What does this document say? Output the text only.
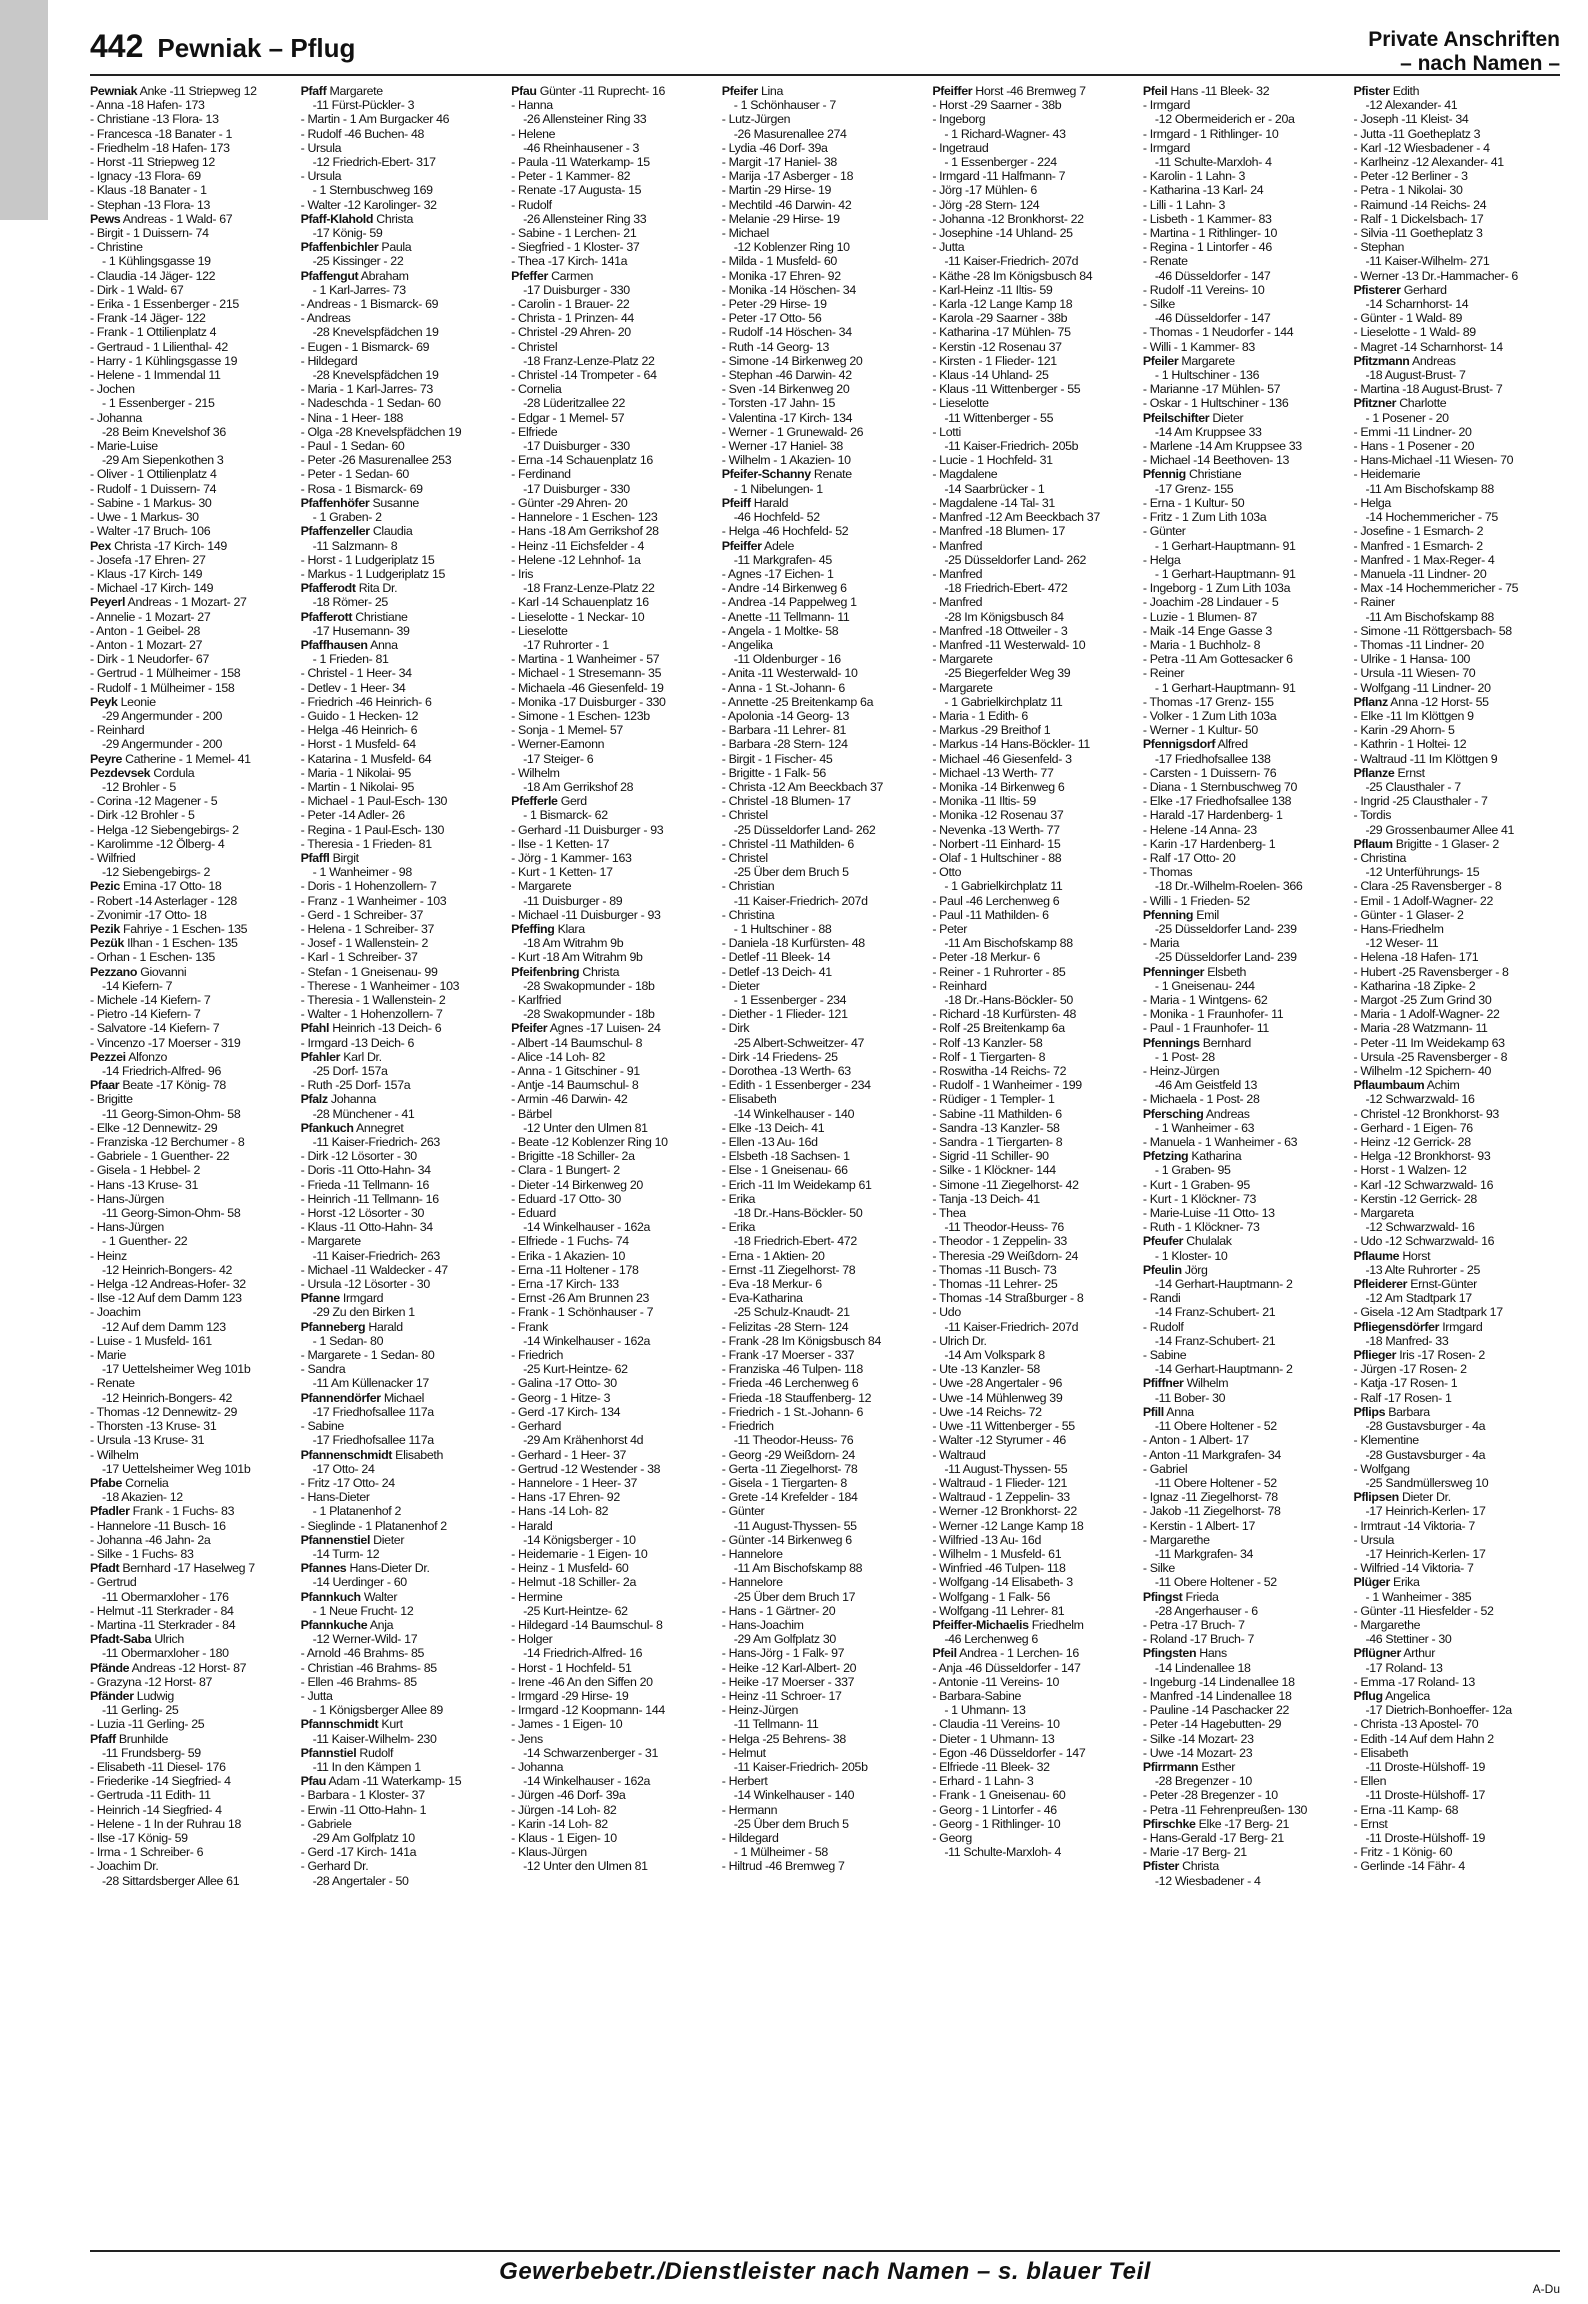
442 Pewniak – Pflug	Private Anschriften
– nach Namen –
Pewniak Anke -11 Striepweg 12
- Anna -18 Hafen- 173
- Christiane -13 Flora- 13
- Francesca -18 Banater - 1
- Friedhelm -18 Hafen- 173
- Horst -11 Striepweg 12
- Ignacy -13 Flora- 69
- Klaus -18 Banater - 1
- Stephan -13 Flora- 13
Pews Andreas - 1 Wald- 67
- Birgit - 1 Duissern- 74
- Christine
- 1 Kühlingsgasse 19
- Claudia -14 Jäger- 122
- Dirk - 1 Wald- 67
- Erika - 1 Essenberger - 215
- Frank -14 Jäger- 122
- Frank - 1 Ottilienplatz 4
- Gertraud - 1 Lilienthal- 42
- Harry - 1 Kühlingsgasse 19
- Helene - 1 Immendal 11
- Jochen
- 1 Essenberger - 215
- Johanna
-28 Beim Knevelshof 36
- Marie-Luise
-29 Am Siepenkothen 3
- Oliver - 1 Ottilienplatz 4
- Rudolf - 1 Duissern- 74
- Sabine - 1 Markus- 30
- Uwe - 1 Markus- 30
- Walter -17 Bruch- 106
Pex Christa -17 Kirch- 149
- Josefa -17 Ehren- 27
- Klaus -17 Kirch- 149
- Michael -17 Kirch- 149
Peyerl Andreas - 1 Mozart- 27
- Annelie - 1 Mozart- 27
- Anton - 1 Geibel- 28
- Anton - 1 Mozart- 27
- Dirk - 1 Neudorfer- 67
- Gertrud - 1 Mülheimer - 158
- Rudolf - 1 Mülheimer - 158
Peyk Leonie
-29 Angermunder - 200
- Reinhard
-29 Angermunder - 200
Peyre Catherine - 1 Memel- 41
Pezdevsek Cordula
-12 Brohler - 5
- Corina -12 Magener - 5
- Dirk -12 Brohler - 5
- Helga -12 Siebengebirgs- 2
- Karolimme -12 Ölberg- 4
- Wilfried
-12 Siebengebirgs- 2
Pezic Emina -17 Otto- 18
- Robert -14 Asterlager - 128
- Zvonimir -17 Otto- 18
Pezik Fahriye - 1 Eschen- 135
Pezük Ilhan - 1 Eschen- 135
- Orhan - 1 Eschen- 135
Pezzano Giovanni
-14 Kiefern- 7
- Michele -14 Kiefern- 7
- Pietro -14 Kiefern- 7
- Salvatore -14 Kiefern- 7
- Vincenzo -17 Moerser - 319
Pezzei Alfonzo
-14 Friedrich-Alfred- 96
Pfaar Beate -17 König- 78
- Brigitte
-11 Georg-Simon-Ohm- 58
- Elke -12 Dennewitz- 29
- Franziska -12 Berchumer - 8
- Gabriele - 1 Guenther- 22
- Gisela - 1 Hebbel- 2
- Hans -13 Kruse- 31
- Hans-Jürgen
-11 Georg-Simon-Ohm- 58
- Hans-Jürgen
- 1 Guenther- 22
- Heinz
-12 Heinrich-Bongers- 42
- Helga -12 Andreas-Hofer- 32
- Ilse -12 Auf dem Damm 123
- Joachim
-12 Auf dem Damm 123
- Luise - 1 Musfeld- 161
- Marie
-17 Uettelsheimer Weg 101b
- Renate
-12 Heinrich-Bongers- 42
- Thomas -12 Dennewitz- 29
- Thorsten -13 Kruse- 31
- Ursula -13 Kruse- 31
- Wilhelm
-17 Uettelsheimer Weg 101b
Pfabe Cornelia
-18 Akazien- 12
Pfadler Frank - 1 Fuchs- 83
- Hannelore -11 Busch- 16
- Johanna -46 Jahn- 2a
- Silke - 1 Fuchs- 83
Pfadt Bernhard -17 Haselweg 7
- Gertrud
-11 Obermarxloher - 176
- Helmut -11 Sterkrader - 84
- Martina -11 Sterkrader - 84
Pfadt-Saba Ulrich
-11 Obermarxloher - 180
Pfände Andreas -12 Horst- 87
- Grazyna -12 Horst- 87
Pfänder Ludwig
-11 Gerling- 25
- Luzia -11 Gerling- 25
Pfaff Brunhilde
-11 Frundsberg- 59
- Elisabeth -11 Diesel- 176
- Friederike -14 Siegfried- 4
- Gertruda -11 Edith- 11
- Heinrich -14 Siegfried- 4
- Helene - 1 In der Ruhrau 18
- Ilse -17 König- 59
- Irma - 1 Schreiber- 6
- Joachim Dr.
-28 Sittardsberger Allee 61
Pfaff Margarete
-11 Fürst-Pückler- 3
- Martin - 1 Am Burgacker 46
- Rudolf -46 Buchen- 48
- Ursula
-12 Friedrich-Ebert- 317
- Ursula
- 1 Sternbuschweg 169
- Walter -12 Karolinger- 32
Pfaff-Klahold Christa
-17 König- 59
Pfaffenbichler Paula
-25 Kissinger - 22
Pfaffengut Abraham
- 1 Karl-Jarres- 73
- Andreas - 1 Bismarck- 69
- Andreas
-28 Knevelspfädchen 19
- Eugen - 1 Bismarck- 69
- Hildegard
-28 Knevelspfädchen 19
- Maria - 1 Karl-Jarres- 73
- Nadeschda - 1 Sedan- 60
- Nina - 1 Heer- 188
- Olga -28 Knevelspfädchen 19
- Paul - 1 Sedan- 60
- Peter -26 Masurenallee 253
- Peter - 1 Sedan- 60
- Rosa - 1 Bismarck- 69
Pfaffenhöfer Susanne
- 1 Graben- 2
Pfaffenzeller Claudia
-11 Salzmann- 8
- Horst - 1 Ludgeriplatz 15
- Markus - 1 Ludgeriplatz 15
Pfafferodt Rita Dr.
-18 Römer- 25
Pfafferott Christiane
-17 Husemann- 39
Pfaffhausen Anna
- 1 Frieden- 81
- Christel - 1 Heer- 34
- Detlev - 1 Heer- 34
- Friedrich -46 Heinrich- 6
- Guido - 1 Hecken- 12
- Helga -46 Heinrich- 6
- Horst - 1 Musfeld- 64
- Katarina - 1 Musfeld- 64
- Maria - 1 Nikolai- 95
- Martin - 1 Nikolai- 95
- Michael - 1 Paul-Esch- 130
- Peter -14 Adler- 26
- Regina - 1 Paul-Esch- 130
- Theresia - 1 Frieden- 81
Pfaffl Birgit
- 1 Wanheimer - 98
- Doris - 1 Hohenzollern- 7
- Franz - 1 Wanheimer - 103
- Gerd - 1 Schreiber- 37
- Helena - 1 Schreiber- 37
- Josef - 1 Wallenstein- 2
- Karl - 1 Schreiber- 37
- Stefan - 1 Gneisenau- 99
- Therese - 1 Wanheimer - 103
- Theresia - 1 Wallenstein- 2
- Walter - 1 Hohenzollern- 7
Pfahl Heinrich -13 Deich- 6
- Irmgard -13 Deich- 6
Pfahler Karl Dr.
-25 Dorf- 157a
- Ruth -25 Dorf- 157a
Pfalz Johanna
-28 Münchener - 41
Pfankuch Annegret
-11 Kaiser-Friedrich- 263
- Dirk -12 Lösorter - 30
- Doris -11 Otto-Hahn- 34
- Frieda -11 Tellmann- 16
- Heinrich -11 Tellmann- 16
- Horst -12 Lösorter - 30
- Klaus -11 Otto-Hahn- 34
- Margarete
-11 Kaiser-Friedrich- 263
- Michael -11 Waldecker - 47
- Ursula -12 Lösorter - 30
Pfanne Irmgard
-29 Zu den Birken 1
Pfanneberg Harald
- 1 Sedan- 80
- Margarete - 1 Sedan- 80
- Sandra
-11 Am Küllenacker 17
Pfannendörfer Michael
-17 Friedhofsallee 117a
- Sabine
-17 Friedhofsallee 117a
Pfannenschmidt Elisabeth
-17 Otto- 24
- Fritz -17 Otto- 24
- Hans-Dieter
- 1 Platanenhof 2
- Sieglinde - 1 Platanenhof 2
Pfannenstiel Dieter
-14 Turm- 12
Pfannes Hans-Dieter Dr.
-14 Uerdinger - 60
Pfannkuch Walter
- 1 Neue Frucht- 12
Pfannkuche Anja
-12 Werner-Wild- 17
- Arnold -46 Brahms- 85
- Christian -46 Brahms- 85
- Ellen -46 Brahms- 85
- Jutta
- 1 Königsberger Allee 89
Pfannschmidt Kurt
-11 Kaiser-Wilhelm- 230
Pfannstiel Rudolf
-11 In den Kämpen 1
Pfau Adam -11 Waterkamp- 15
- Barbara - 1 Kloster- 37
- Erwin -11 Otto-Hahn- 1
- Gabriele
-29 Am Golfplatz 10
- Gerd -17 Kirch- 141a
- Gerhard Dr.
-28 Angertaler - 50
Pfau Günter -11 Ruprecht- 16
- Hanna
-26 Allensteiner Ring 33
- Helene
-46 Rheinhausener - 3
- Paula -11 Waterkamp- 15
- Peter - 1 Kammer- 82
- Renate -17 Augusta- 15
- Rudolf
-26 Allensteiner Ring 33
- Sabine - 1 Lerchen- 21
- Siegfried - 1 Kloster- 37
- Thea -17 Kirch- 141a
Pfeffer Carmen
-17 Duisburger - 330
- Carolin - 1 Brauer- 22
- Christa - 1 Prinzen- 44
- Christel -29 Ahren- 20
- Christel
-18 Franz-Lenze-Platz 22
- Christel -14 Trompeter - 64
- Cornelia
-28 Lüderitzallee 22
- Edgar - 1 Memel- 57
- Elfriede
-17 Duisburger - 330
- Erna -14 Schauenplatz 16
- Ferdinand
-17 Duisburger - 330
- Günter -29 Ahren- 20
- Hannelore - 1 Eschen- 123
- Hans -18 Am Gerrikshof 28
- Heinz -11 Eichsfelder - 4
- Helene -12 Lehnhof- 1a
- Iris
-18 Franz-Lenze-Platz 22
- Karl -14 Schauenplatz 16
- Lieselotte - 1 Neckar- 10
- Lieselotte
-17 Ruhrorter - 1
- Martina - 1 Wanheimer - 57
- Michael - 1 Stresemann- 35
- Michaela -46 Giesenfeld- 19
- Monika -17 Duisburger - 330
- Simone - 1 Eschen- 123b
- Sonja - 1 Memel- 57
- Werner-Eamonn
-17 Steiger- 6
- Wilhelm
-18 Am Gerrikshof 28
Pfefferle Gerd
- 1 Bismarck- 62
- Gerhard -11 Duisburger - 93
- Ilse - 1 Ketten- 17
- Jörg - 1 Kammer- 163
- Kurt - 1 Ketten- 17
- Margarete
-11 Duisburger - 89
- Michael -11 Duisburger - 93
Pfeffing Klara
-18 Am Witrahm 9b
- Kurt -18 Am Witrahm 9b
Pfeifenbring Christa
-28 Swakopmunder - 18b
- Karlfried
-28 Swakopmunder - 18b
Pfeifer Agnes -17 Luisen- 24
- Albert -14 Baumschul- 8
- Alice -14 Loh- 82
- Anna - 1 Gitschiner - 91
- Antje -14 Baumschul- 8
- Armin -46 Darwin- 42
- Bärbel
-12 Unter den Ulmen 81
- Beate -12 Koblenzer Ring 10
- Brigitte -18 Schiller- 2a
- Clara - 1 Bungert- 2
- Dieter -14 Birkenweg 20
- Eduard -17 Otto- 30
- Eduard
-14 Winkelhauser - 162a
- Elfriede - 1 Fuchs- 74
- Erika - 1 Akazien- 10
- Erna -11 Holtener - 178
- Erna -17 Kirch- 133
- Ernst -26 Am Brunnen 23
- Frank - 1 Schönhauser - 7
- Frank
-14 Winkelhauser - 162a
- Friedrich
-25 Kurt-Heintze- 62
- Galina -17 Otto- 30
- Georg - 1 Hitze- 3
- Gerd -17 Kirch- 134
- Gerhard
-29 Am Krähenhorst 4d
- Gerhard - 1 Heer- 37
- Gertrud -12 Westender - 38
- Hannelore - 1 Heer- 37
- Hans -17 Ehren- 92
- Hans -14 Loh- 82
- Harald
-14 Königsberger - 10
- Heidemarie - 1 Eigen- 10
- Heinz - 1 Musfeld- 60
- Helmut -18 Schiller- 2a
- Hermine
-25 Kurt-Heintze- 62
- Hildegard -14 Baumschul- 8
- Holger
-14 Friedrich-Alfred- 16
- Horst - 1 Hochfeld- 51
- Irene -46 An den Siffen 20
- Irmgard -29 Hirse- 19
- Irmgard -12 Koopmann- 144
- James - 1 Eigen- 10
- Jens
-14 Schwarzenberger - 31
- Johanna
-14 Winkelhauser - 162a
- Jürgen -46 Dorf- 39a
- Jürgen -14 Loh- 82
- Karin -14 Loh- 82
- Klaus - 1 Eigen- 10
- Klaus-Jürgen
-12 Unter den Ulmen 81
Pfeifer Lina
- 1 Schönhauser - 7
- Lutz-Jürgen
-26 Masurenallee 274
- Lydia -46 Dorf- 39a
- Margit -17 Haniel- 38
- Marija -17 Asberger - 18
- Martin -29 Hirse- 19
- Mechtild -46 Darwin- 42
- Melanie -29 Hirse- 19
- Michael
-12 Koblenzer Ring 10
- Milda - 1 Musfeld- 60
- Monika -17 Ehren- 92
- Monika -14 Höschen- 34
- Peter -29 Hirse- 19
- Peter -17 Otto- 56
- Rudolf -14 Höschen- 34
- Ruth -14 Georg- 13
- Simone -14 Birkenweg 20
- Stephan -46 Darwin- 42
- Sven -14 Birkenweg 20
- Torsten -17 Jahn- 15
- Valentina -17 Kirch- 134
- Werner - 1 Grunewald- 26
- Werner -17 Haniel- 38
- Wilhelm - 1 Akazien- 10
Pfeifer-Schanny Renate
- 1 Nibelungen- 1
Pfeiff Harald
-46 Hochfeld- 52
- Helga -46 Hochfeld- 52
Pfeiffer Adele
-11 Markgrafen- 45
- Agnes -17 Eichen- 1
- Andre -14 Birkenweg 6
- Andrea -14 Pappelweg 1
- Anette -11 Tellmann- 11
- Angela - 1 Moltke- 58
- Angelika
-11 Oldenburger - 16
- Anita -11 Westerwald- 10
- Anna - 1 St.-Johann- 6
- Annette -25 Breitenkamp 6a
- Apolonia -14 Georg- 13
- Barbara -11 Lehrer- 81
- Barbara -28 Stern- 124
- Birgit - 1 Fischer- 45
- Brigitte - 1 Falk- 56
- Christa -12 Am Beeckbach 37
- Christel -18 Blumen- 17
- Christel
-25 Düsseldorfer Land- 262
- Christel -11 Mathilden- 6
- Christel
-25 Über dem Bruch 5
- Christian
-11 Kaiser-Friedrich- 207d
- Christina
- 1 Hultschiner - 88
- Daniela -18 Kurfürsten- 48
- Detlef -11 Bleek- 14
- Detlef -13 Deich- 41
- Dieter
- 1 Essenberger - 234
- Diether - 1 Flieder- 121
- Dirk
-25 Albert-Schweitzer- 47
- Dirk -14 Friedens- 25
- Dorothea -13 Werth- 63
- Edith - 1 Essenberger - 234
- Elisabeth
-14 Winkelhauser - 140
- Elke -13 Deich- 41
- Ellen -13 Au- 16d
- Elsbeth -18 Sachsen- 1
- Else - 1 Gneisenau- 66
- Erich -11 Im Weidekamp 61
- Erika
-18 Dr.-Hans-Böckler- 50
- Erika
-18 Friedrich-Ebert- 472
- Erna - 1 Aktien- 20
- Ernst -11 Ziegelhorst- 78
- Eva -18 Merkur- 6
- Eva-Katharina
-25 Schulz-Knaudt- 21
- Felizitas -28 Stern- 124
- Frank -28 Im Königsbusch 84
- Frank -17 Moerser - 337
- Franziska -46 Tulpen- 118
- Frieda -46 Lerchenweg 6
- Frieda -18 Stauffenberg- 12
- Friedrich - 1 St.-Johann- 6
- Friedrich
-11 Theodor-Heuss- 76
- Georg -29 Weißdorn- 24
- Gerta -11 Ziegelhorst- 78
- Gisela - 1 Tiergarten- 8
- Grete -14 Krefelder - 184
- Günter
-11 August-Thyssen- 55
- Günter -14 Birkenweg 6
- Hannelore
-11 Am Bischofskamp 88
- Hannelore
-25 Über dem Bruch 17
- Hans - 1 Gärtner- 20
- Hans-Joachim
-29 Am Golfplatz 30
- Hans-Jörg - 1 Falk- 97
- Heike -12 Karl-Albert- 20
- Heike -17 Moerser - 337
- Heinz -11 Schroer- 17
- Heinz-Jürgen
-11 Tellmann- 11
- Helga -25 Behrens- 38
- Helmut
-11 Kaiser-Friedrich- 205b
- Herbert
-14 Winkelhauser - 140
- Hermann
-25 Über dem Bruch 5
- Hildegard
- 1 Mülheimer - 58
- Hiltrud -46 Bremweg 7
Pfeiffer Horst -46 Bremweg 7
- Horst -29 Saarner - 38b
- Ingeborg
- 1 Richard-Wagner- 43
- Ingetraud
- 1 Essenberger - 224
- Irmgard -11 Halfmann- 7
- Jörg -17 Mühlen- 6
- Jörg -28 Stern- 124
- Johanna -12 Bronkhorst- 22
- Josephine -14 Uhland- 25
- Jutta
-11 Kaiser-Friedrich- 207d
- Käthe -28 Im Königsbusch 84
- Karl-Heinz -11 Iltis- 59
- Karla -12 Lange Kamp 18
- Karola -29 Saarner - 38b
- Katharina -17 Mühlen- 75
- Kerstin -12 Rosenau 37
- Kirsten - 1 Flieder- 121
- Klaus -14 Uhland- 25
- Klaus -11 Wittenberger - 55
- Lieselotte
-11 Wittenberger - 55
- Lotti
-11 Kaiser-Friedrich- 205b
- Lucie - 1 Hochfeld- 31
- Magdalene
-14 Saarbrücker - 1
- Magdalene -14 Tal- 31
- Manfred -12 Am Beeckbach 37
- Manfred -18 Blumen- 17
- Manfred
-25 Düsseldorfer Land- 262
- Manfred
-18 Friedrich-Ebert- 472
- Manfred
-28 Im Königsbusch 84
- Manfred -18 Ottweiler - 3
- Manfred -11 Westerwald- 10
- Margarete
-25 Biegerfelder Weg 39
- Margarete
- 1 Gabrielkirchplatz 11
- Maria - 1 Edith- 6
- Markus -29 Breithof 1
- Markus -14 Hans-Böckler- 11
- Michael -46 Giesenfeld- 3
- Michael -13 Werth- 77
- Monika -14 Birkenweg 6
- Monika -11 Iltis- 59
- Monika -12 Rosenau 37
- Nevenka -13 Werth- 77
- Norbert -11 Einhard- 15
- Olaf - 1 Hultschiner - 88
- Otto
- 1 Gabrielkirchplatz 11
- Paul -46 Lerchenweg 6
- Paul -11 Mathilden- 6
- Peter
-11 Am Bischofskamp 88
- Peter -18 Merkur- 6
- Reiner - 1 Ruhrorter - 85
- Reinhard
-18 Dr.-Hans-Böckler- 50
- Richard -18 Kurfürsten- 48
- Rolf -25 Breitenkamp 6a
- Rolf -13 Kanzler- 58
- Rolf - 1 Tiergarten- 8
- Roswitha -14 Reichs- 72
- Rudolf - 1 Wanheimer - 199
- Rüdiger - 1 Templer- 1
- Sabine -11 Mathilden- 6
- Sandra -13 Kanzler- 58
- Sandra - 1 Tiergarten- 8
- Sigrid -11 Schiller- 90
- Silke - 1 Klöckner- 144
- Simone -11 Ziegelhorst- 42
- Tanja -13 Deich- 41
- Thea
-11 Theodor-Heuss- 76
- Theodor - 1 Zeppelin- 33
- Theresia -29 Weißdorn- 24
- Thomas -11 Busch- 73
- Thomas -11 Lehrer- 25
- Thomas -14 Straßburger - 8
- Udo
-11 Kaiser-Friedrich- 207d
- Ulrich Dr.
-14 Am Volkspark 8
- Ute -13 Kanzler- 58
- Uwe -28 Angertaler - 96
- Uwe -14 Mühlenweg 39
- Uwe -14 Reichs- 72
- Uwe -11 Wittenberger - 55
- Walter -12 Styrumer - 46
- Waltraud
-11 August-Thyssen- 55
- Waltraud - 1 Flieder- 121
- Waltraud - 1 Zeppelin- 33
- Werner -12 Bronkhorst- 22
- Werner -12 Lange Kamp 18
- Wilfried -13 Au- 16d
- Wilhelm - 1 Musfeld- 61
- Winfried -46 Tulpen- 118
- Wolfgang -14 Elisabeth- 3
- Wolfgang - 1 Falk- 56
- Wolfgang -11 Lehrer- 81
Pfeiffer-Michaelis Friedhelm
-46 Lerchenweg 6
Pfeil Andrea - 1 Lerchen- 16
- Anja -46 Düsseldorfer - 147
- Antonie -11 Vereins- 10
- Barbara-Sabine
- 1 Uhmann- 13
- Claudia -11 Vereins- 10
- Dieter - 1 Uhmann- 13
- Egon -46 Düsseldorfer - 147
- Elfriede -11 Bleek- 32
- Erhard - 1 Lahn- 3
- Frank - 1 Gneisenau- 60
- Georg - 1 Lintorfer - 46
- Georg - 1 Rithlinger- 10
- Georg
-11 Schulte-Marxloh- 4
Pfeil Hans -11 Bleek- 32
- Irmgard
-12 Obermeiderich er - 20a
- Irmgard - 1 Rithlinger- 10
- Irmgard
-11 Schulte-Marxloh- 4
- Karolin - 1 Lahn- 3
- Katharina -13 Karl- 24
- Lilli - 1 Lahn- 3
- Lisbeth - 1 Kammer- 83
- Martina - 1 Rithlinger- 10
- Regina - 1 Lintorfer - 46
- Renate
-46 Düsseldorfer - 147
- Rudolf -11 Vereins- 10
- Silke
-46 Düsseldorfer - 147
- Thomas - 1 Neudorfer - 144
- Willi - 1 Kammer- 83
Pfeiler Margarete
- 1 Hultschiner - 136
- Marianne -17 Mühlen- 57
- Oskar - 1 Hultschiner - 136
Pfeilschifter Dieter
-14 Am Kruppsee 33
- Marlene -14 Am Kruppsee 33
- Michael -14 Beethoven- 13
Pfennig Christiane
-17 Grenz- 155
- Erna - 1 Kultur- 50
- Fritz - 1 Zum Lith 103a
- Günter
- 1 Gerhart-Hauptmann- 91
- Helga
- 1 Gerhart-Hauptmann- 91
- Ingeborg - 1 Zum Lith 103a
- Joachim -28 Lindauer - 5
- Luzie - 1 Blumen- 87
- Maik -14 Enge Gasse 3
- Maria - 1 Buchholz- 8
- Petra -11 Am Gottesacker 6
- Reiner
- 1 Gerhart-Hauptmann- 91
- Thomas -17 Grenz- 155
- Volker - 1 Zum Lith 103a
- Werner - 1 Kultur- 50
Pfennigsdorf Alfred
-17 Friedhofsallee 138
- Carsten - 1 Duissern- 76
- Diana - 1 Sternbuschweg 70
- Elke -17 Friedhofsallee 138
- Harald -17 Hardenberg- 1
- Helene -14 Anna- 23
- Karin -17 Hardenberg- 1
- Ralf -17 Otto- 20
- Thomas
-18 Dr.-Wilhelm-Roelen- 366
- Willi - 1 Frieden- 52
Pfenning Emil
-25 Düsseldorfer Land- 239
- Maria
-25 Düsseldorfer Land- 239
Pfenninger Elsbeth
- 1 Gneisenau- 244
- Maria - 1 Wintgens- 62
- Monika - 1 Fraunhofer- 11
- Paul - 1 Fraunhofer- 11
Pfennings Bernhard
- 1 Post- 28
- Heinz-Jürgen
-46 Am Geistfeld 13
- Michaela - 1 Post- 28
Pfersching Andreas
- 1 Wanheimer - 63
- Manuela - 1 Wanheimer - 63
Pfetzing Katharina
- 1 Graben- 95
- Kurt - 1 Graben- 95
- Kurt - 1 Klöckner- 73
- Marie-Luise -11 Otto- 13
- Ruth - 1 Klöckner- 73
Pfeufer Chulalak
- 1 Kloster- 10
Pfeulin Jörg
-14 Gerhart-Hauptmann- 2
- Randi
-14 Franz-Schubert- 21
- Rudolf
-14 Franz-Schubert- 21
- Sabine
-14 Gerhart-Hauptmann- 2
Pfiffner Wilhelm
-11 Bober- 30
Pfill Anna
-11 Obere Holtener - 52
- Anton - 1 Albert- 17
- Anton -11 Markgrafen- 34
- Gabriel
-11 Obere Holtener - 52
- Ignaz -11 Ziegelhorst- 78
- Jakob -11 Ziegelhorst- 78
- Kerstin - 1 Albert- 17
- Margarethe
-11 Markgrafen- 34
- Silke
-11 Obere Holtener - 52
Pfingst Frieda
-28 Angerhauser - 6
- Petra -17 Bruch- 7
- Roland -17 Bruch- 7
Pfingsten Hans
-14 Lindenallee 18
- Ingeburg -14 Lindenallee 18
- Manfred -14 Lindenallee 18
- Pauline -14 Paschacker 22
- Peter -14 Hagebutten- 29
- Silke -14 Mozart- 23
- Uwe -14 Mozart- 23
Pfirrmann Esther
-28 Bregenzer - 10
- Peter -28 Bregenzer - 10
- Petra -11 Fehrenpreußen- 130
Pfirschke Elke -17 Berg- 21
- Hans-Gerald -17 Berg- 21
- Marie -17 Berg- 21
Pfister Christa
-12 Wiesbadener - 4
Pfister Edith
-12 Alexander- 41
- Joseph -11 Kleist- 34
- Jutta -11 Goetheplatz 3
- Karl -12 Wiesbadener - 4
- Karlheinz -12 Alexander- 41
- Peter -12 Berliner - 3
- Petra - 1 Nikolai- 30
- Raimund -14 Reichs- 24
- Ralf - 1 Dickelsbach- 17
- Silvia -11 Goetheplatz 3
- Stephan
-11 Kaiser-Wilhelm- 271
- Werner -13 Dr.-Hammacher- 6
Pfisterer Gerhard
-14 Scharnhorst- 14
- Günter - 1 Wald- 89
- Lieselotte - 1 Wald- 89
- Magret -14 Scharnhorst- 14
Pfitzmann Andreas
-18 August-Brust- 7
- Martina -18 August-Brust- 7
Pfitzner Charlotte
- 1 Posener - 20
- Emmi -11 Lindner- 20
- Hans - 1 Posener - 20
- Hans-Michael -11 Wiesen- 70
- Heidemarie
-11 Am Bischofskamp 88
- Helga
-14 Hochemmericher - 75
- Josefine - 1 Esmarch- 2
- Manfred - 1 Esmarch- 2
- Manfred - 1 Max-Reger- 4
- Manuela -11 Lindner- 20
- Max -14 Hochemmericher - 75
- Rainer
-11 Am Bischofskamp 88
- Simone -11 Röttgersbach- 58
- Thomas -11 Lindner- 20
- Ulrike - 1 Hansa- 100
- Ursula -11 Wiesen- 70
- Wolfgang -11 Lindner- 20
Pflanz Anna -12 Horst- 55
- Elke -11 Im Klöttgen 9
- Karin -29 Ahorn- 5
- Kathrin - 1 Holtei- 12
- Waltraud -11 Im Klöttgen 9
Pflanze Ernst
-25 Clausthaler - 7
- Ingrid -25 Clausthaler - 7
- Tordis
-29 Grossenbaumer Allee 41
Pflaum Brigitte - 1 Glaser- 2
- Christina
-12 Unterführungs- 15
- Clara -25 Ravensberger - 8
- Emil - 1 Adolf-Wagner- 22
- Günter - 1 Glaser- 2
- Hans-Friedhelm
-12 Weser- 11
- Helena -18 Hafen- 171
- Hubert -25 Ravensberger - 8
- Katharina -18 Zipke- 2
- Margot -25 Zum Grind 30
- Maria - 1 Adolf-Wagner- 22
- Maria -28 Watzmann- 11
- Peter -11 Im Weidekamp 63
- Ursula -25 Ravensberger - 8
- Wilhelm -12 Spichern- 40
Pflaumbaum Achim
-12 Schwarzwald- 16
- Christel -12 Bronkhorst- 93
- Gerhard - 1 Eigen- 76
- Heinz -12 Gerrick- 28
- Helga -12 Bronkhorst- 93
- Horst - 1 Walzen- 12
- Karl -12 Schwarzwald- 16
- Kerstin -12 Gerrick- 28
- Margareta
-12 Schwarzwald- 16
- Udo -12 Schwarzwald- 16
Pflaume Horst
-13 Alte Ruhrorter - 25
Pfleiderer Ernst-Günter
-12 Am Stadtpark 17
- Gisela -12 Am Stadtpark 17
Pfliegensdörfer Irmgard
-18 Manfred- 33
Pflieger Iris -17 Rosen- 2
- Jürgen -17 Rosen- 2
- Katja -17 Rosen- 1
- Ralf -17 Rosen- 1
Pflips Barbara
-28 Gustavsburger - 4a
- Klementine
-28 Gustavsburger - 4a
- Wolfgang
-25 Sandmüllersweg 10
Pflipsen Dieter Dr.
-17 Heinrich-Kerlen- 17
- Irmtraut -14 Viktoria- 7
- Ursula
-17 Heinrich-Kerlen- 17
- Wilfried -14 Viktoria- 7
Plüger Erika
- 1 Wanheimer - 385
- Günter -11 Hiesfelder - 52
- Margarethe
-46 Stettiner - 30
Pflügner Arthur
-17 Roland- 13
- Emma -17 Roland- 13
Pflug Angelica
-17 Dietrich-Bonhoeffer- 12a
- Christa -13 Apostel- 70
- Edith -14 Auf dem Hahn 2
- Elisabeth
-11 Droste-Hülshoff- 19
- Ellen
-11 Droste-Hülshoff- 17
- Erna -11 Kamp- 68
- Ernst
-11 Droste-Hülshoff- 19
- Fritz - 1 König- 60
- Gerlinde -14 Fähr- 4
Gewerbebetr./Dienstleister nach Namen – s. blauer Teil
A-Du
